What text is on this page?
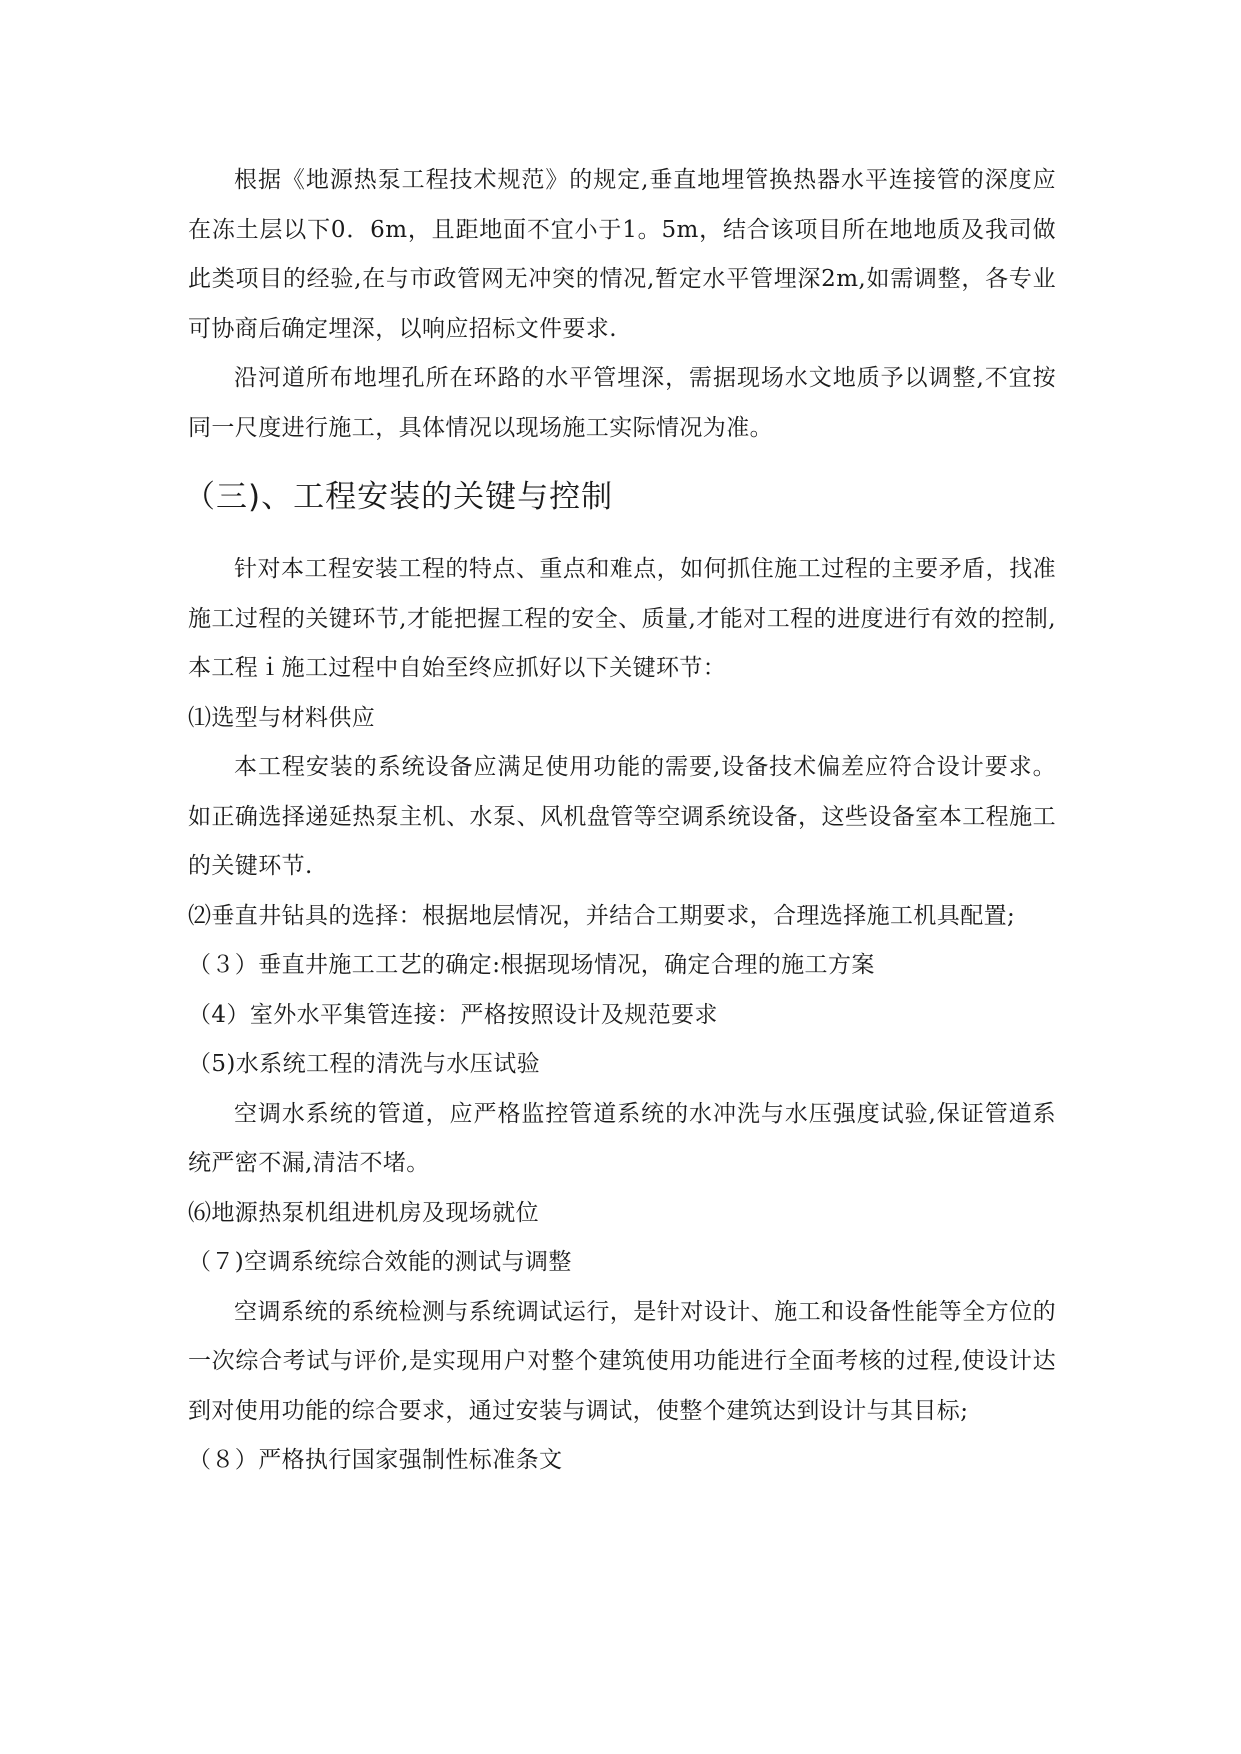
根据《地源热泵工程技术规范》的规定,垂直地埋管换热器水平连接管的深度应在冻土层以下0．6m，且距地面不宜小于1。5m，结合该项目所在地地质及我司做此类项目的经验,在与市政管网无冲突的情况,暂定水平管埋深2m,如需调整，各专业可协商后确定埋深，以响应招标文件要求.

沿河道所布地埋孔所在环路的水平管埋深，需据现场水文地质予以调整,不宜按同一尺度进行施工，具体情况以现场施工实际情况为准。

（三)、工程安装的关键与控制

针对本工程安装工程的特点、重点和难点，如何抓住施工过程的主要矛盾，找准施工过程的关键环节,才能把握工程的安全、质量,才能对工程的进度进行有效的控制,本工程ｉ施工过程中自始至终应抓好以下关键环节：

⑴选型与材料供应

本工程安装的系统设备应满足使用功能的需要,设备技术偏差应符合设计要求。如正确选择递延热泵主机、水泵、风机盘管等空调系统设备，这些设备室本工程施工的关键环节.

⑵垂直井钻具的选择：根据地层情况，并结合工期要求，合理选择施工机具配置;

（３）垂直井施工工艺的确定:根据现场情况，确定合理的施工方案

（4）室外水平集管连接：严格按照设计及规范要求

（5)水系统工程的清洗与水压试验

空调水系统的管道，应严格监控管道系统的水冲洗与水压强度试验,保证管道系统严密不漏,清洁不堵。

⑹地源热泵机组进机房及现场就位

（７)空调系统综合效能的测试与调整

空调系统的系统检测与系统调试运行，是针对设计、施工和设备性能等全方位的一次综合考试与评价,是实现用户对整个建筑使用功能进行全面考核的过程,使设计达到对使用功能的综合要求，通过安装与调试，使整个建筑达到设计与其目标;

（８）严格执行国家强制性标准条文
